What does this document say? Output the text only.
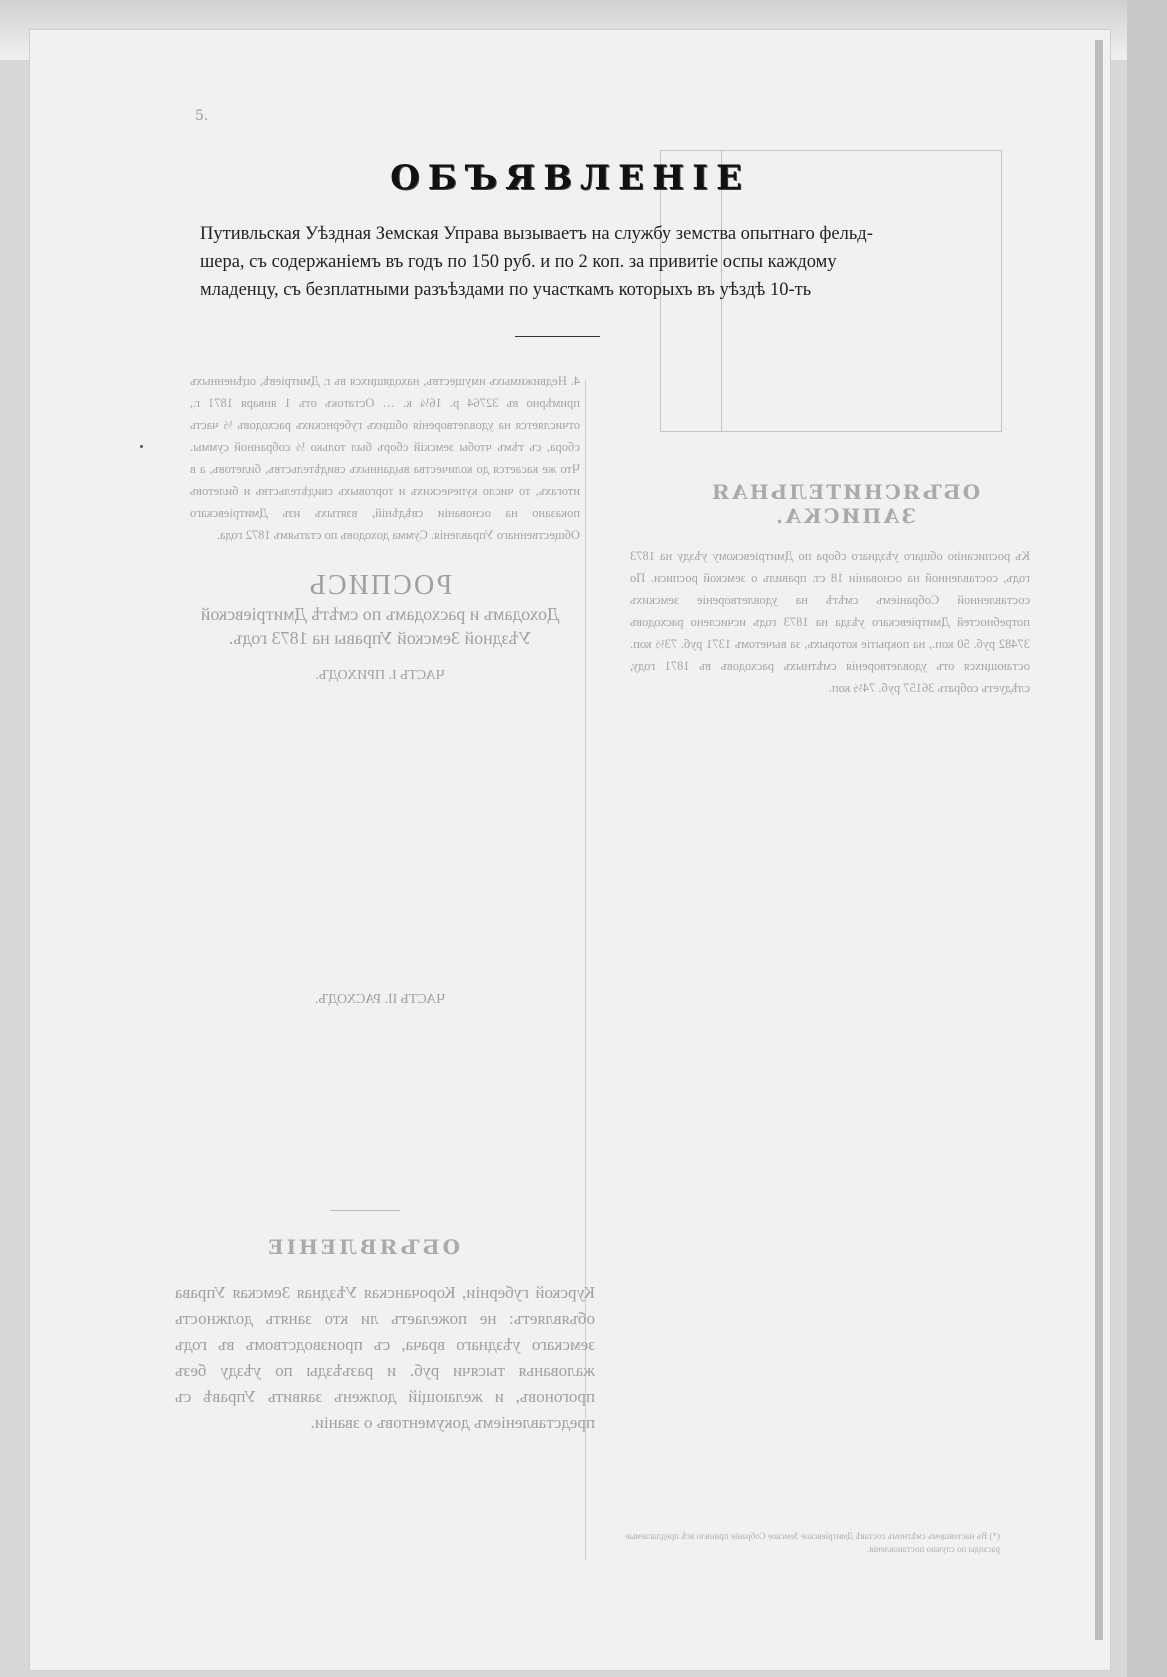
5.
ОБЪЯВЛЕНІЕ

Путивльская Уѣздная Земская Управа вызываетъ на службу земства опытнаго фельд-

шера, съ содержаніемъ въ годъ по 150 руб. и по 2 коп. за привитіе оспы каждому

младенцу, съ безплатными разъѣздами по участкамъ которыхъ въ уѣздѣ 10-ть

4. Недвижимыхъ имуществъ, находящихся въ г. Дмитріевѣ, оцѣненныхъ примѣрно въ 32764 р. 16¼ к. … Остатокъ отъ 1 января 1871 г., отчисляется на удовлетворенія общихъ губернскихъ расходовъ ⅓ часть сбора, съ тѣмъ чтобы земскій сборъ был только ⅓ собранной суммы. Что же касается до количества выданныхъ свидѣтельствъ, билетовъ, а в итогахъ, то число купеческихъ и торговыхъ свидѣтельствъ и билетовъ показано на основаніи свѣдѣній, взятыхъ изъ Дмитріевскаго Общественнаго Управленія. Сумма доходовъ по статьямъ 1872 года.
РОСПИСЬ
Доходамъ и расходамъ по смѣтѣ Дмитріевской Уѣздной Земской Управы на 1873 годъ.
ЧАСТЬ I. ПРИХОДЪ.
ЧАСТЬ II. РАСХОДЪ.
ОБЪЯСНИТЕЛЬНАЯ ЗАПИСКА.
Къ росписанію общаго уѣзднаго сбора по Дмитріевскому уѣзду на 1873 годъ, составленной на основаніи 18 ст. правилъ о земской росписи. По составленной Собраніемъ смѣтѣ на удовлетвореніе земскихъ потребностей Дмитріевскаго уѣзда на 1873 годъ исчислено расходовъ 37482 руб. 50 коп., на покрытіе которыхъ, за вычетомъ 1371 руб. 73½ коп. остающихся отъ удовлетворенія смѣтныхъ расходовъ въ 1871 году, слѣдуетъ собрать 36157 руб. 74½ коп.
ОБЪЯВЛЕНІЕ
Курской губерніи, Корочанская Уѣздная Земская Управа объявляетъ: не пожелаетъ ли кто занять должность земскаго уѣзднаго врача, съ производствомъ въ годъ жалованья тысячи руб. и разъѣзды по уѣзду безъ прогоновъ, и желающій долженъ заявить Управѣ съ представленіемъ документовъ о званіи.
(*) Въ настоящемъ смѣтномъ составѣ Дмитріевское Земское Собраніе приняло всѣ предлагаемые расходы по случаю постановленія.
